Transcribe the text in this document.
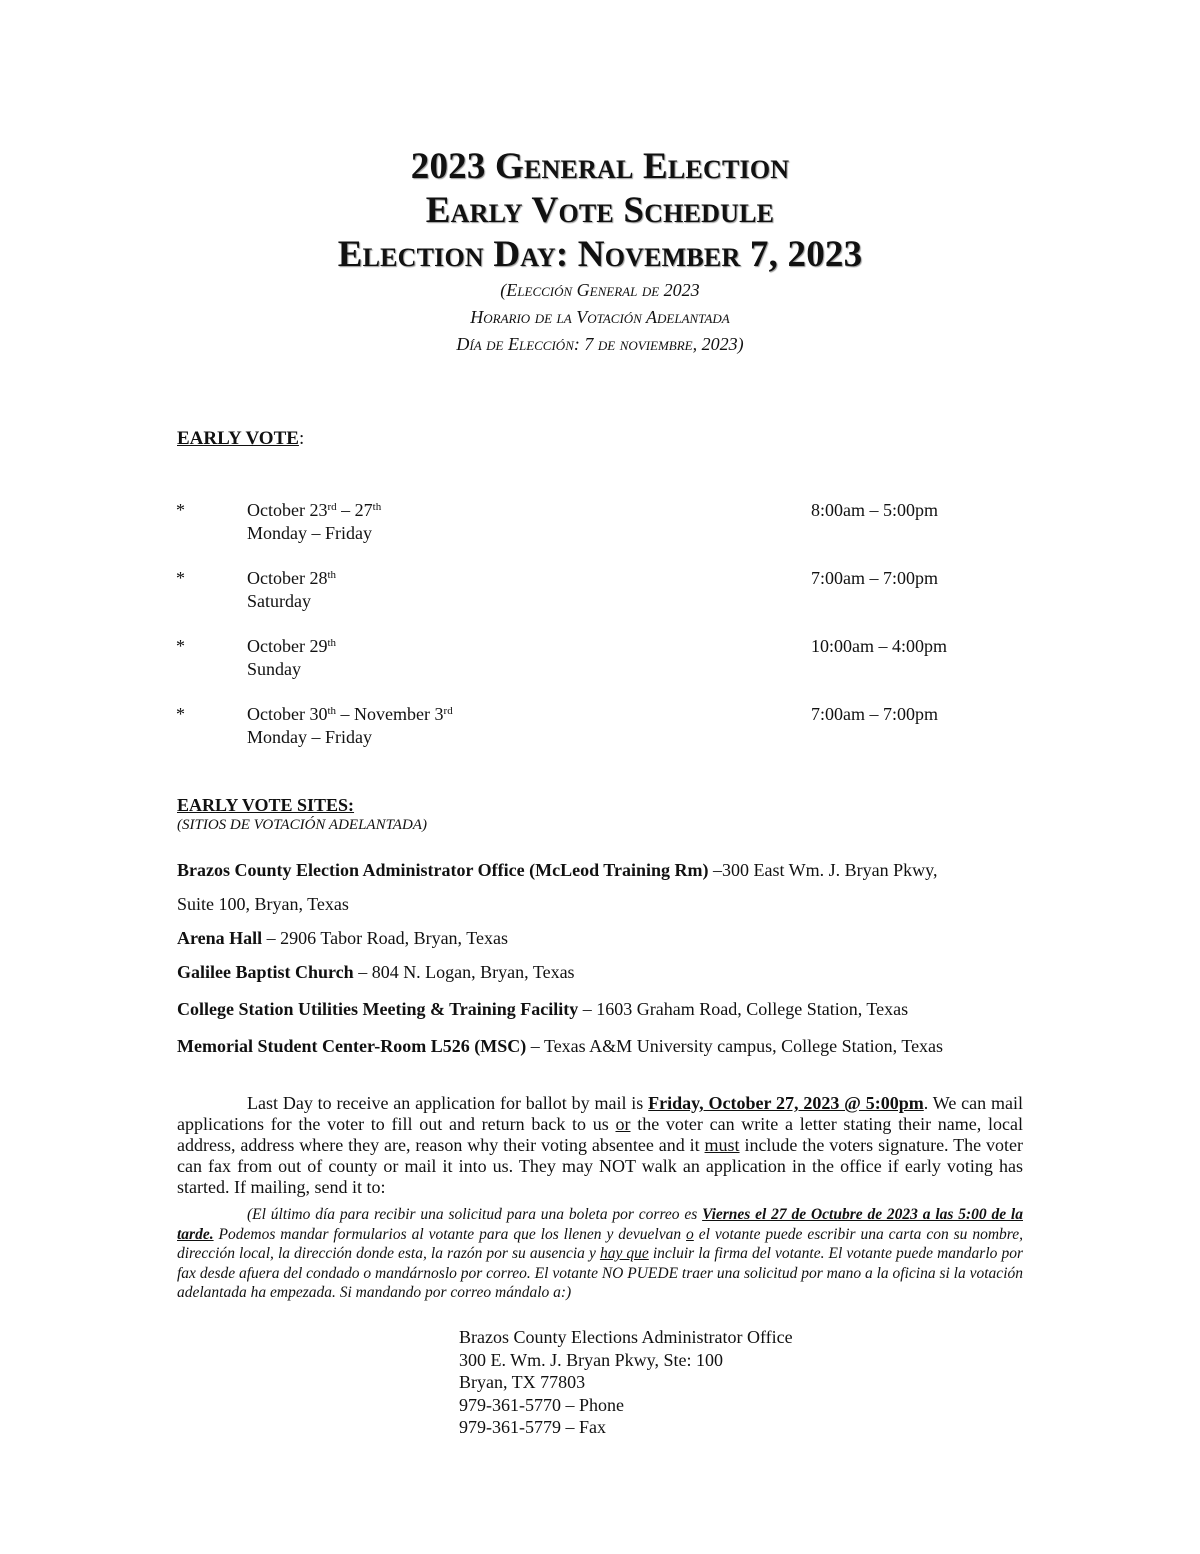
2023 General Election
Early Vote Schedule
Election Day: November 7, 2023
(Elección General de 2023
Horario de la Votación Adelantada
Día de Elección: 7 de noviembre, 2023)
EARLY VOTE:
*	October 23rd – 27th
Monday – Friday
8:00am – 5:00pm
*	October 28th
Saturday
7:00am – 7:00pm
*	October 29th
Sunday
10:00am – 4:00pm
*	October 30th – November 3rd
Monday – Friday
7:00am – 7:00pm
EARLY VOTE SITES:
(SITIOS DE VOTACIÓN ADELANTADA)
Brazos County Election Administrator Office (McLeod Training Rm) –300 East Wm. J. Bryan Pkwy,
Suite 100, Bryan, Texas
Arena Hall – 2906 Tabor Road, Bryan, Texas
Galilee Baptist Church – 804 N. Logan, Bryan, Texas
College Station Utilities Meeting & Training Facility – 1603 Graham Road, College Station, Texas
Memorial Student Center-Room L526 (MSC) – Texas A&M University campus, College Station, Texas
Last Day to receive an application for ballot by mail is Friday, October 27, 2023 @ 5:00pm. We can mail applications for the voter to fill out and return back to us or the voter can write a letter stating their name, local address, address where they are, reason why their voting absentee and it must include the voters signature. The voter can fax from out of county or mail it into us. They may NOT walk an application in the office if early voting has started. If mailing, send it to:
(El último día para recibir una solicitud para una boleta por correo es Viernes el 27 de Octubre de 2023 a las 5:00 de la tarde. Podemos mandar formularios al votante para que los llenen y devuelvan o el votante puede escribir una carta con su nombre, dirección local, la dirección donde esta, la razón por su ausencia y hay que incluir la firma del votante. El votante puede mandarlo por fax desde afuera del condado o mandárnoslo por correo. El votante NO PUEDE traer una solicitud por mano a la oficina si la votación adelantada ha empezada. Si mandando por correo mándalo a:)
Brazos County Elections Administrator Office
300 E. Wm. J. Bryan Pkwy, Ste: 100
Bryan, TX 77803
979-361-5770 – Phone
979-361-5779 – Fax
